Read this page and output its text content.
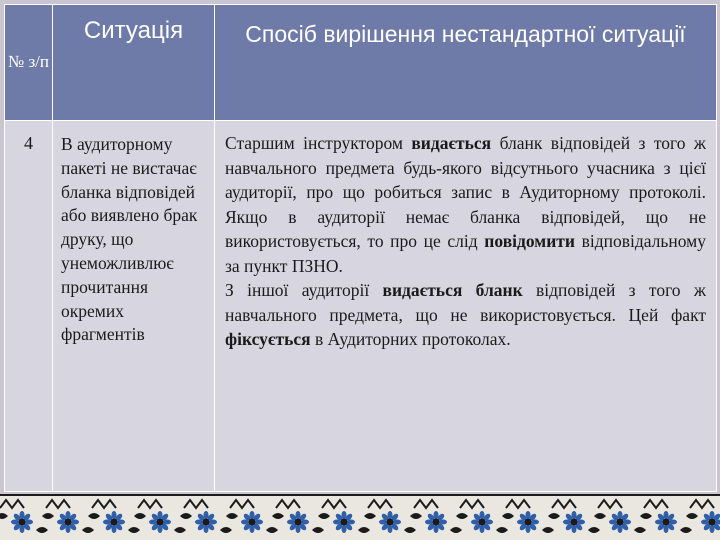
№ з/п	Ситуація	Спосіб вирішення нестандартної ситуації
4	В аудиторному пакеті не вистачає бланка відповідей або виявлено брак друку, що унеможливлює прочитання окремих фрагментів	Старшим інструктором видається бланк відповідей з того ж навчального предмета будь-якого відсутнього учасника з цієї аудиторії, про що робиться запис в Аудиторному протоколі. Якщо в аудиторії немає бланка відповідей, що не використовується, то про це слід повідомити відповідальному за пункт ПЗНО.

З іншої аудиторії видається бланк відповідей з того ж навчального предмета, що не використовується. Цей факт фіксується в Аудиторних протоколах.
